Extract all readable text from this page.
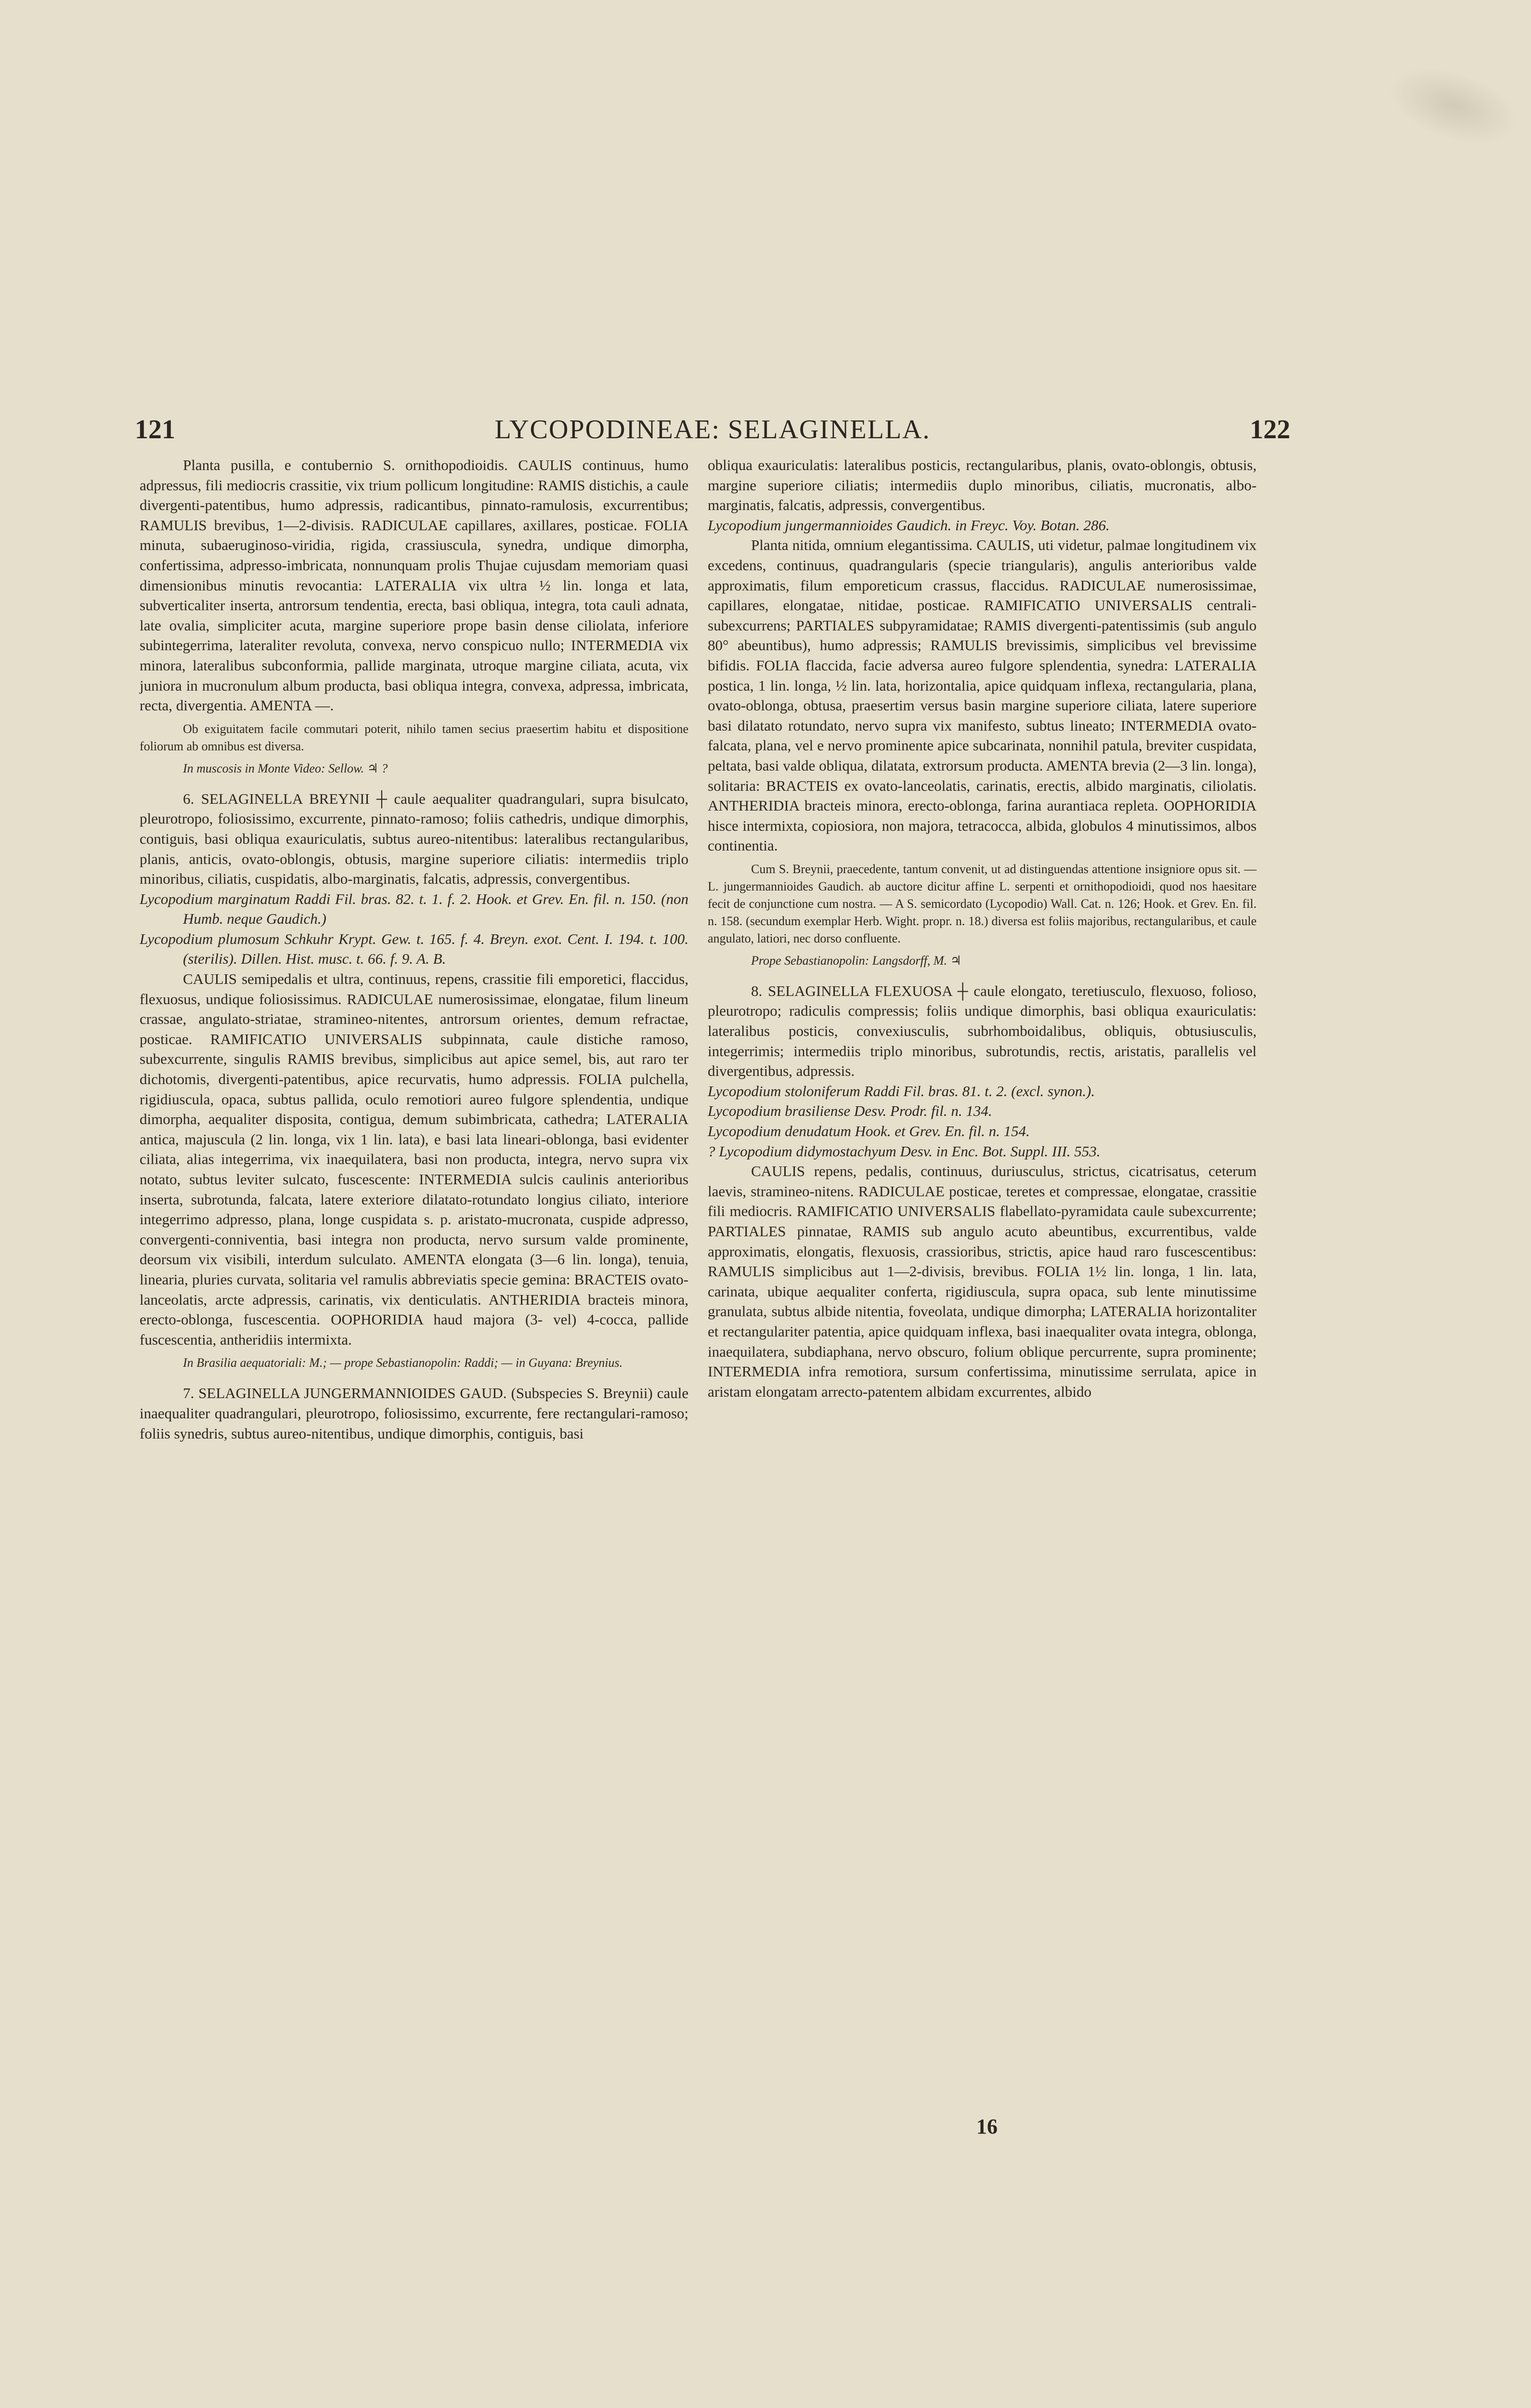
121	LYCOPODINEAE: SELAGINELLA.	122

Planta pusilla, e contubernio S. ornithopodioidis. CAULIS continuus, humo adpressus, fili mediocris crassitie, vix trium pollicum longitudine: RAMIS distichis, a caule divergenti-patentibus, humo adpressis, radicantibus, pinnato-ramulosis, excurrentibus; RAMULIS brevibus, 1—2-divisis. RADICULAE capillares, axillares, posticae. FOLIA minuta, subaeruginoso-viridia, rigida, crassiuscula, synedra, undique dimorpha, confertissima, adpresso-imbricata, nonnunquam prolis Thujae cujusdam memoriam quasi dimensionibus minutis revocantia: LATERALIA vix ultra ½ lin. longa et lata, subverticaliter inserta, antrorsum tendentia, erecta, basi obliqua, integra, tota cauli adnata, late ovalia, simpliciter acuta, margine superiore prope basin dense ciliolata, inferiore subintegerrima, lateraliter revoluta, convexa, nervo conspicuo nullo; INTERMEDIA vix minora, lateralibus subconformia, pallide marginata, utroque margine ciliata, acuta, vix juniora in mucronulum album producta, basi obliqua integra, convexa, adpressa, imbricata, recta, divergentia. AMENTA —.

Ob exiguitatem facile commutari poterit, nihilo tamen secius praesertim habitu et dispositione foliorum ab omnibus est diversa.

In muscosis in Monte Video: Sellow. ♃ ?

6. SELAGINELLA BREYNII ┼ caule aequaliter quadrangulari, supra bisulcato, pleurotropo, foliosissimo, excurrente, pinnato-ramoso; foliis cathedris, undique dimorphis, contiguis, basi obliqua exauriculatis, subtus aureo-nitentibus: lateralibus rectangularibus, planis, anticis, ovato-oblongis, obtusis, margine superiore ciliatis: intermediis triplo minoribus, ciliatis, cuspidatis, albo-marginatis, falcatis, adpressis, convergentibus.

Lycopodium marginatum Raddi Fil. bras. 82. t. 1. f. 2. Hook. et Grev. En. fil. n. 150. (non Humb. neque Gaudich.)

Lycopodium plumosum Schkuhr Krypt. Gew. t. 165. f. 4. Breyn. exot. Cent. I. 194. t. 100. (sterilis). Dillen. Hist. musc. t. 66. f. 9. A. B.

CAULIS semipedalis et ultra, continuus, repens, crassitie fili emporetici, flaccidus, flexuosus, undique foliosissimus. RADICULAE numerosissimae, elongatae, filum lineum crassae, angulato-striatae, stramineo-nitentes, antrorsum orientes, demum refractae, posticae. RAMIFICATIO UNIVERSALIS subpinnata, caule distiche ramoso, subexcurrente, singulis RAMIS brevibus, simplicibus aut apice semel, bis, aut raro ter dichotomis, divergenti-patentibus, apice recurvatis, humo adpressis. FOLIA pulchella, rigidiuscula, opaca, subtus pallida, oculo remotiori aureo fulgore splendentia, undique dimorpha, aequaliter disposita, contigua, demum subimbricata, cathedra; LATERALIA antica, majuscula (2 lin. longa, vix 1 lin. lata), e basi lata lineari-oblonga, basi evidenter ciliata, alias integerrima, vix inaequilatera, basi non producta, integra, nervo supra vix notato, subtus leviter sulcato, fuscescente: INTERMEDIA sulcis caulinis anterioribus inserta, subrotunda, falcata, latere exteriore dilatato-rotundato longius ciliato, interiore integerrimo adpresso, plana, longe cuspidata s. p. aristato-mucronata, cuspide adpresso, convergenti-conniventia, basi integra non producta, nervo sursum valde prominente, deorsum vix visibili, interdum sulculato. AMENTA elongata (3—6 lin. longa), tenuia, linearia, pluries curvata, solitaria vel ramulis abbreviatis specie gemina: BRACTEIS ovato-lanceolatis, arcte adpressis, carinatis, vix denticulatis. ANTHERIDIA bracteis minora, erecto-oblonga, fuscescentia. OOPHORIDIA haud majora (3- vel) 4-cocca, pallide fuscescentia, antheridiis intermixta.

In Brasilia aequatoriali: M.; — prope Sebastianopolin: Raddi; — in Guyana: Breynius.

7. SELAGINELLA JUNGERMANNIOIDES GAUD. (Subspecies S. Breynii) caule inaequaliter quadrangulari, pleurotropo, foliosissimo, excurrente, fere rectangulari-ramoso; foliis synedris, subtus aureo-nitentibus, undique dimorphis, contiguis, basi

obliqua exauriculatis: lateralibus posticis, rectangularibus, planis, ovato-oblongis, obtusis, margine superiore ciliatis; intermediis duplo minoribus, ciliatis, mucronatis, albo-marginatis, falcatis, adpressis, convergentibus.

Lycopodium jungermannioides Gaudich. in Freyc. Voy. Botan. 286.

Planta nitida, omnium elegantissima. CAULIS, uti videtur, palmae longitudinem vix excedens, continuus, quadrangularis (specie triangularis), angulis anterioribus valde approximatis, filum emporeticum crassus, flaccidus. RADICULAE numerosissimae, capillares, elongatae, nitidae, posticae. RAMIFICATIO UNIVERSALIS centrali-subexcurrens; PARTIALES subpyramidatae; RAMIS divergenti-patentissimis (sub angulo 80° abeuntibus), humo adpressis; RAMULIS brevissimis, simplicibus vel brevissime bifidis. FOLIA flaccida, facie adversa aureo fulgore splendentia, synedra: LATERALIA postica, 1 lin. longa, ½ lin. lata, horizontalia, apice quidquam inflexa, rectangularia, plana, ovato-oblonga, obtusa, praesertim versus basin margine superiore ciliata, latere superiore basi dilatato rotundato, nervo supra vix manifesto, subtus lineato; INTERMEDIA ovato-falcata, plana, vel e nervo prominente apice subcarinata, nonnihil patula, breviter cuspidata, peltata, basi valde obliqua, dilatata, extrorsum producta. AMENTA brevia (2—3 lin. longa), solitaria: BRACTEIS ex ovato-lanceolatis, carinatis, erectis, albido marginatis, ciliolatis. ANTHERIDIA bracteis minora, erecto-oblonga, farina aurantiaca repleta. OOPHORIDIA hisce intermixta, copiosiora, non majora, tetracocca, albida, globulos 4 minutissimos, albos continentia.

Cum S. Breynii, praecedente, tantum convenit, ut ad distinguendas attentione insigniore opus sit. — L. jungermannioides Gaudich. ab auctore dicitur affine L. serpenti et ornithopodioidi, quod nos haesitare fecit de conjunctione cum nostra. — A S. semicordato (Lycopodio) Wall. Cat. n. 126; Hook. et Grev. En. fil. n. 158. (secundum exemplar Herb. Wight. propr. n. 18.) diversa est foliis majoribus, rectangularibus, et caule angulato, latiori, nec dorso confluente.

Prope Sebastianopolin: Langsdorff, M. ♃

8. SELAGINELLA FLEXUOSA ┼ caule elongato, teretiusculo, flexuoso, folioso, pleurotropo; radiculis compressis; foliis undique dimorphis, basi obliqua exauriculatis: lateralibus posticis, convexiusculis, subrhomboidalibus, obliquis, obtusiusculis, integerrimis; intermediis triplo minoribus, subrotundis, rectis, aristatis, parallelis vel divergentibus, adpressis.

Lycopodium stoloniferum Raddi Fil. bras. 81. t. 2. (excl. synon.).

Lycopodium brasiliense Desv. Prodr. fil. n. 134.

Lycopodium denudatum Hook. et Grev. En. fil. n. 154.

? Lycopodium didymostachyum Desv. in Enc. Bot. Suppl. III. 553.

CAULIS repens, pedalis, continuus, duriusculus, strictus, cicatrisatus, ceterum laevis, stramineo-nitens. RADICULAE posticae, teretes et compressae, elongatae, crassitie fili mediocris. RAMIFICATIO UNIVERSALIS flabellato-pyramidata caule subexcurrente; PARTIALES pinnatae, RAMIS sub angulo acuto abeuntibus, excurrentibus, valde approximatis, elongatis, flexuosis, crassioribus, strictis, apice haud raro fuscescentibus: RAMULIS simplicibus aut 1—2-divisis, brevibus. FOLIA 1½ lin. longa, 1 lin. lata, carinata, ubique aequaliter conferta, rigidiuscula, supra opaca, sub lente minutissime granulata, subtus albide nitentia, foveolata, undique dimorpha; LATERALIA horizontaliter et rectangulariter patentia, apice quidquam inflexa, basi inaequaliter ovata integra, oblonga, inaequilatera, subdiaphana, nervo obscuro, folium oblique percurrente, supra prominente; INTERMEDIA infra remotiora, sursum confertissima, minutissime serrulata, apice in aristam elongatam arrecto-patentem albidam excurrentes, albido

16
